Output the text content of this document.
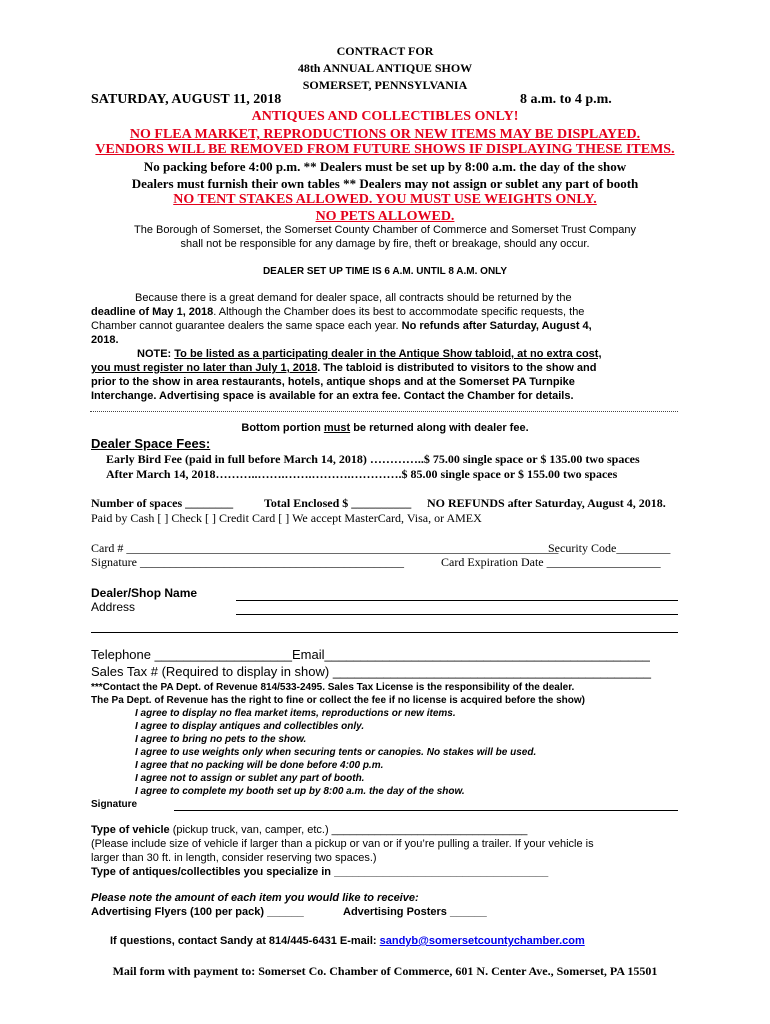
CONTRACT FOR
48th ANNUAL ANTIQUE SHOW
SOMERSET, PENNSYLVANIA
SATURDAY, AUGUST 11, 2018	8 a.m. to 4 p.m.
ANTIQUES AND COLLECTIBLES ONLY!
NO FLEA MARKET, REPRODUCTIONS OR NEW ITEMS MAY BE DISPLAYED.
VENDORS WILL BE REMOVED FROM FUTURE SHOWS IF DISPLAYING THESE ITEMS.
No packing before 4:00 p.m. ** Dealers must be set up by 8:00 a.m. the day of the show
Dealers must furnish their own tables ** Dealers may not assign or sublet any part of booth
NO TENT STAKES ALLOWED. YOU MUST USE WEIGHTS ONLY.
NO PETS ALLOWED.
The Borough of Somerset, the Somerset County Chamber of Commerce and Somerset Trust Company
shall not be responsible for any damage by fire, theft or breakage, should any occur.
DEALER SET UP TIME IS 6 A.M. UNTIL 8 A.M. ONLY
Because there is a great demand for dealer space, all contracts should be returned by the
deadline of May 1, 2018. Although the Chamber does its best to accommodate specific requests, the
Chamber cannot guarantee dealers the same space each year. No refunds after Saturday, August 4,
2018.
NOTE: To be listed as a participating dealer in the Antique Show tabloid, at no extra cost,
you must register no later than July 1, 2018. The tabloid is distributed to visitors to the show and
prior to the show in area restaurants, hotels, antique shops and at the Somerset PA Turnpike
Interchange. Advertising space is available for an extra fee. Contact the Chamber for details.
Bottom portion must be returned along with dealer fee.
Dealer Space Fees:
Early Bird Fee (paid in full before March 14, 2018) …………..$ 75.00 single space or $ 135.00 two spaces
After March 14, 2018………..…….…….……….………….$ 85.00 single space or $ 155.00 two spaces
Number of spaces ________	Total Enclosed $ __________ NO REFUNDS after Saturday, August 4, 2018.
Paid by Cash [ ] Check [ ] Credit Card [ ] We accept MasterCard, Visa, or AMEX
Card # ________________________________________________________________________
Security Code_________
Signature ____________________________________________	Card Expiration Date ___________________
Dealer/Shop Name
Address
Telephone ___________________Email_____________________________________________
Sales Tax # (Required to display in show) ____________________________________________
***Contact the PA Dept. of Revenue 814/533-2495. Sales Tax License is the responsibility of the dealer.
The Pa Dept. of Revenue has the right to fine or collect the fee if no license is acquired before the show)
I agree to display no flea market items, reproductions or new items.
I agree to display antiques and collectibles only.
I agree to bring no pets to the show.
I agree to use weights only when securing tents or canopies. No stakes will be used.
I agree that no packing will be done before 4:00 p.m.
I agree not to assign or sublet any part of booth.
I agree to complete my booth set up by 8:00 a.m. the day of the show.
Signature
Type of vehicle (pickup truck, van, camper, etc.) ________________________________
(Please include size of vehicle if larger than a pickup or van or if you’re pulling a trailer. If your vehicle is
larger than 30 ft. in length, consider reserving two spaces.)
Type of antiques/collectibles you specialize in ___________________________________
Please note the amount of each item you would like to receive:
Advertising Flyers (100 per pack) ______	Advertising Posters ______
If questions, contact Sandy at 814/445-6431 E-mail: sandyb@somersetcountychamber.com
Mail form with payment to: Somerset Co. Chamber of Commerce, 601 N. Center Ave., Somerset, PA 15501
